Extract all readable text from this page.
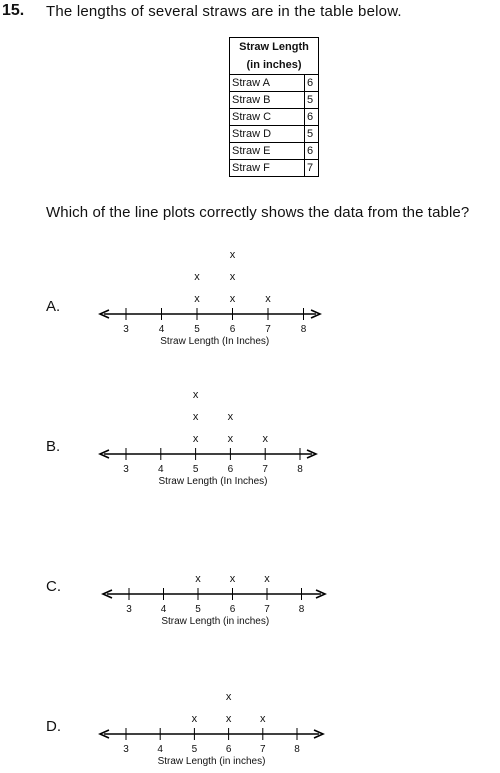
15. The lengths of several straws are in the table below.
Straw Length
(in inches)	

Straw A	6
Straw B	5
Straw C	6
Straw D	5
Straw E	6
Straw F	7
Which of the line plots correctly shows the data from the table?
A.
3	4	5	6	7	8
Straw Length (In Inches)
x
x
x
x
x
x
B.
3	4	5	6	7	8
Straw Length (In Inches)
x
x
x
x
x
x
C.
3	4	5	6	7	8
Straw Length (in inches)
x	x	x
D.
3	4	5	6	7	8
Straw Length (in inches)
x	x
x
x
